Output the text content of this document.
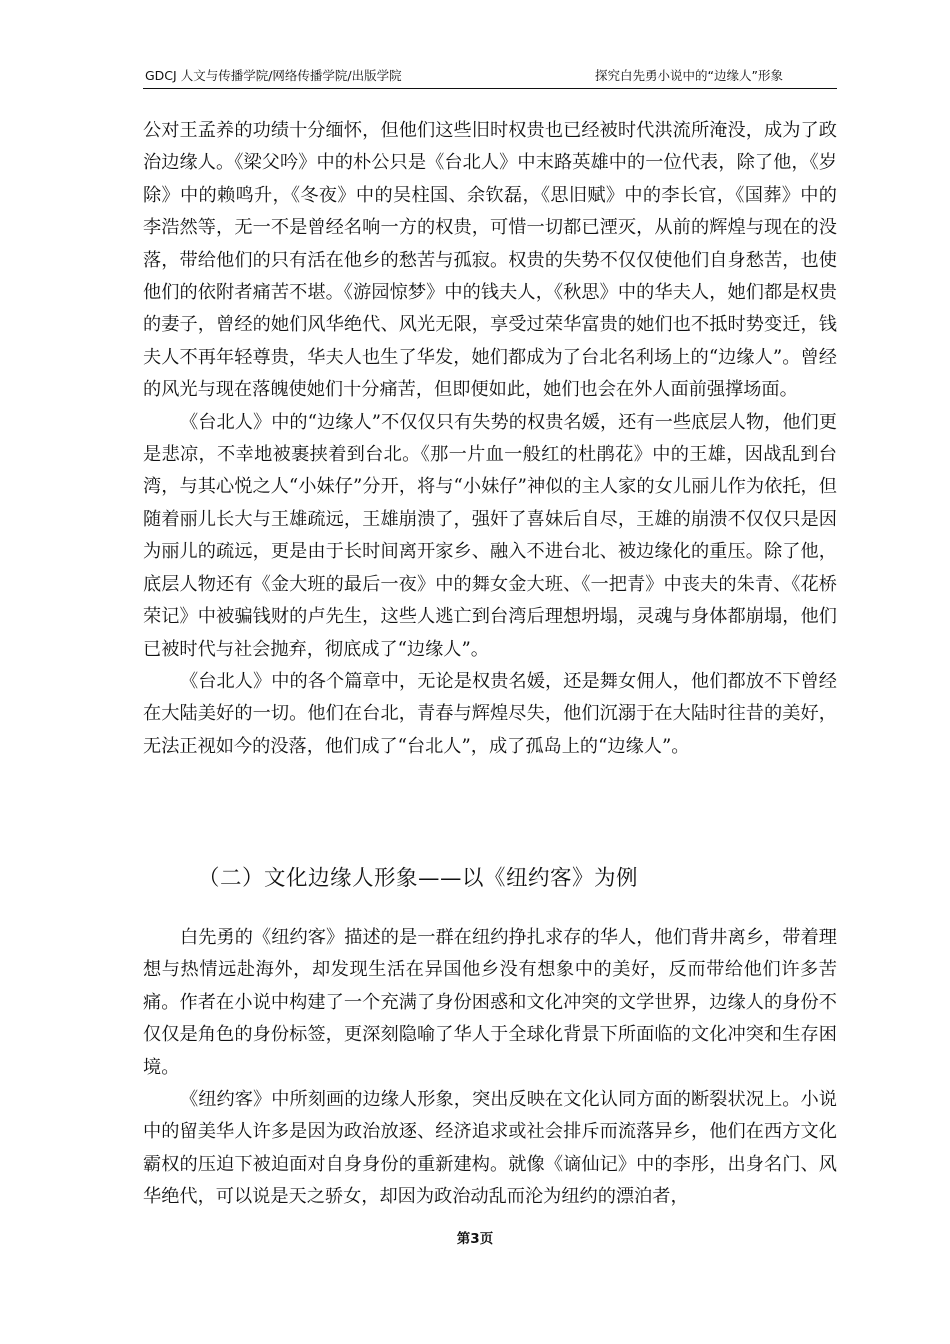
GDCJ 人文与传播学院/网络传播学院/出版学院	探究白先勇小说中的“边缘人”形象

公对王孟养的功绩十分缅怀，但他们这些旧时权贵也已经被时代洪流所淹没，成为了政治边缘人。《梁父吟》中的朴公只是《台北人》中末路英雄中的一位代表，除了他，《岁除》中的赖鸣升，《冬夜》中的吴柱国、余钦磊，《思旧赋》中的李长官，《国葬》中的李浩然等，无一不是曾经名响一方的权贵，可惜一切都已湮灭，从前的辉煌与现在的没落，带给他们的只有活在他乡的愁苦与孤寂。权贵的失势不仅仅使他们自身愁苦，也使他们的依附者痛苦不堪。《游园惊梦》中的钱夫人，《秋思》中的华夫人，她们都是权贵的妻子，曾经的她们风华绝代、风光无限，享受过荣华富贵的她们也不抵时势变迁，钱夫人不再年轻尊贵，华夫人也生了华发，她们都成为了台北名利场上的“边缘人”。曾经的风光与现在落魄使她们十分痛苦，但即便如此，她们也会在外人面前强撑场面。

《台北人》中的“边缘人”不仅仅只有失势的权贵名媛，还有一些底层人物，他们更是悲凉，不幸地被裹挟着到台北。《那一片血一般红的杜鹃花》中的王雄，因战乱到台湾，与其心悦之人“小妹仔”分开，将与“小妹仔”神似的主人家的女儿丽儿作为依托，但随着丽儿长大与王雄疏远，王雄崩溃了，强奸了喜妹后自尽，王雄的崩溃不仅仅只是因为丽儿的疏远，更是由于长时间离开家乡、融入不进台北、被边缘化的重压。除了他，底层人物还有《金大班的最后一夜》中的舞女金大班、《一把青》中丧夫的朱青、《花桥荣记》中被骗钱财的卢先生，这些人逃亡到台湾后理想坍塌，灵魂与身体都崩塌，他们已被时代与社会抛弃，彻底成了“边缘人”。

《台北人》中的各个篇章中，无论是权贵名媛，还是舞女佣人，他们都放不下曾经在大陆美好的一切。他们在台北，青春与辉煌尽失，他们沉溺于在大陆时往昔的美好，无法正视如今的没落，他们成了“台北人”，成了孤岛上的“边缘人”。

（二）文化边缘人形象——以《纽约客》为例

白先勇的《纽约客》描述的是一群在纽约挣扎求存的华人，他们背井离乡，带着理想与热情远赴海外，却发现生活在异国他乡没有想象中的美好，反而带给他们许多苦痛。作者在小说中构建了一个充满了身份困惑和文化冲突的文学世界，边缘人的身份不仅仅是角色的身份标签，更深刻隐喻了华人于全球化背景下所面临的文化冲突和生存困境。

《纽约客》中所刻画的边缘人形象，突出反映在文化认同方面的断裂状况上。小说中的留美华人许多是因为政治放逐、经济追求或社会排斥而流落异乡，他们在西方文化霸权的压迫下被迫面对自身身份的重新建构。就像《谪仙记》中的李彤，出身名门、风华绝代，可以说是天之骄女，却因为政治动乱而沦为纽约的漂泊者，

第3页
